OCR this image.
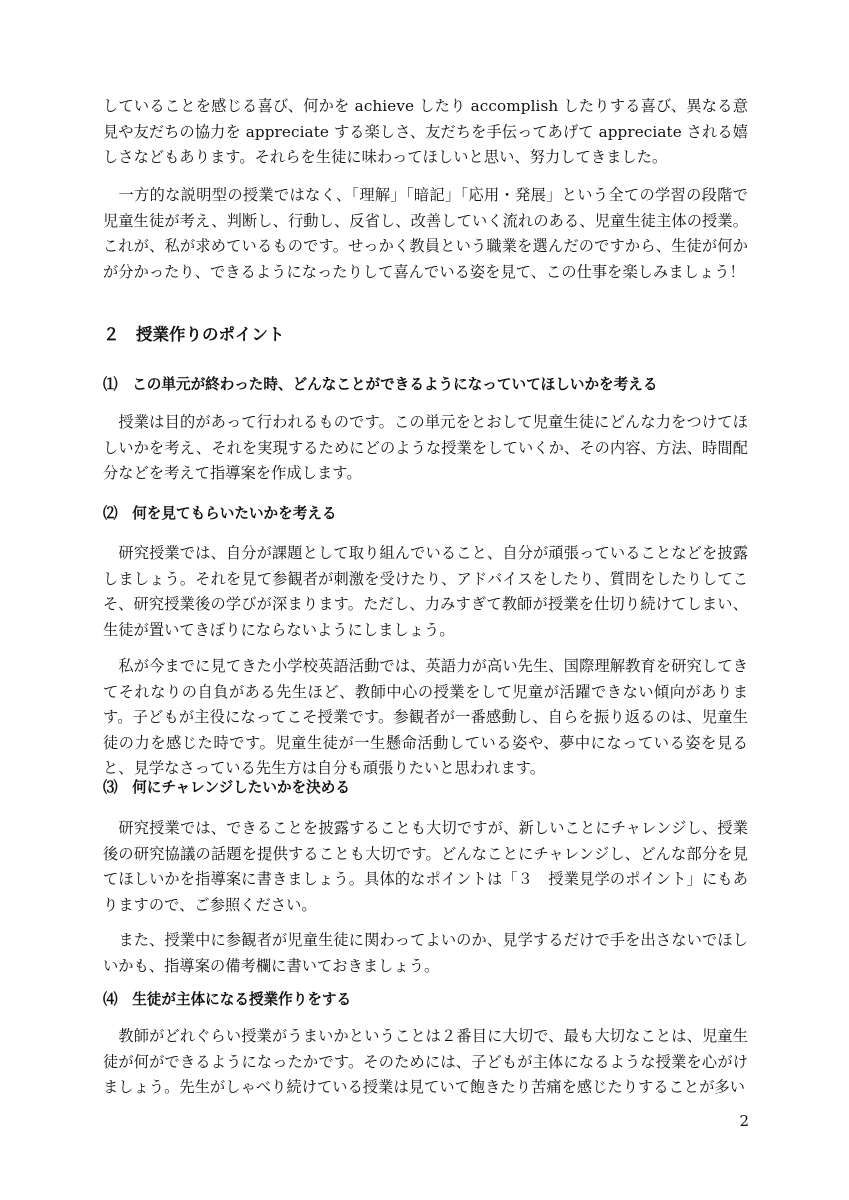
していることを感じる喜び、何かを achieve したり accomplish したりする喜び、異なる意見や友だちの協力を appreciate する楽しさ、友だちを手伝ってあげて appreciate される嬉しさなどもあります。それらを生徒に味わってほしいと思い、努力してきました。

　一方的な説明型の授業ではなく、「理解」「暗記」「応用・発展」という全ての学習の段階で児童生徒が考え、判断し、行動し、反省し、改善していく流れのある、児童生徒主体の授業。これが、私が求めているものです。せっかく教員という職業を選んだのですから、生徒が何かが分かったり、できるようになったりして喜んでいる姿を見て、この仕事を楽しみましょう！

２　授業作りのポイント
⑴　この単元が終わった時、どんなことができるようになっていてほしいかを考える

　授業は目的があって行われるものです。この単元をとおして児童生徒にどんな力をつけてほしいかを考え、それを実現するためにどのような授業をしていくか、その内容、方法、時間配分などを考えて指導案を作成します。

⑵　何を見てもらいたいかを考える

　研究授業では、自分が課題として取り組んでいること、自分が頑張っていることなどを披露しましょう。それを見て参観者が刺激を受けたり、アドバイスをしたり、質問をしたりしてこそ、研究授業後の学びが深まります。ただし、力みすぎて教師が授業を仕切り続けてしまい、生徒が置いてきぼりにならないようにしましょう。

　私が今までに見てきた小学校英語活動では、英語力が高い先生、国際理解教育を研究してきてそれなりの自負がある先生ほど、教師中心の授業をして児童が活躍できない傾向があります。子どもが主役になってこそ授業です。参観者が一番感動し、自らを振り返るのは、児童生徒の力を感じた時です。児童生徒が一生懸命活動している姿や、夢中になっている姿を見ると、見学なさっている先生方は自分も頑張りたいと思われます。

⑶　何にチャレンジしたいかを決める

　研究授業では、できることを披露することも大切ですが、新しいことにチャレンジし、授業後の研究協議の話題を提供することも大切です。どんなことにチャレンジし、どんな部分を見てほしいかを指導案に書きましょう。具体的なポイントは「３　授業見学のポイント」にもありますので、ご参照ください。

　また、授業中に参観者が児童生徒に関わってよいのか、見学するだけで手を出さないでほしいかも、指導案の備考欄に書いておきましょう。

⑷　生徒が主体になる授業作りをする

　教師がどれぐらい授業がうまいかということは２番目に大切で、最も大切なことは、児童生徒が何ができるようになったかです。そのためには、子どもが主体になるような授業を心がけましょう。先生がしゃべり続けている授業は見ていて飽きたり苦痛を感じたりすることが多い

2
